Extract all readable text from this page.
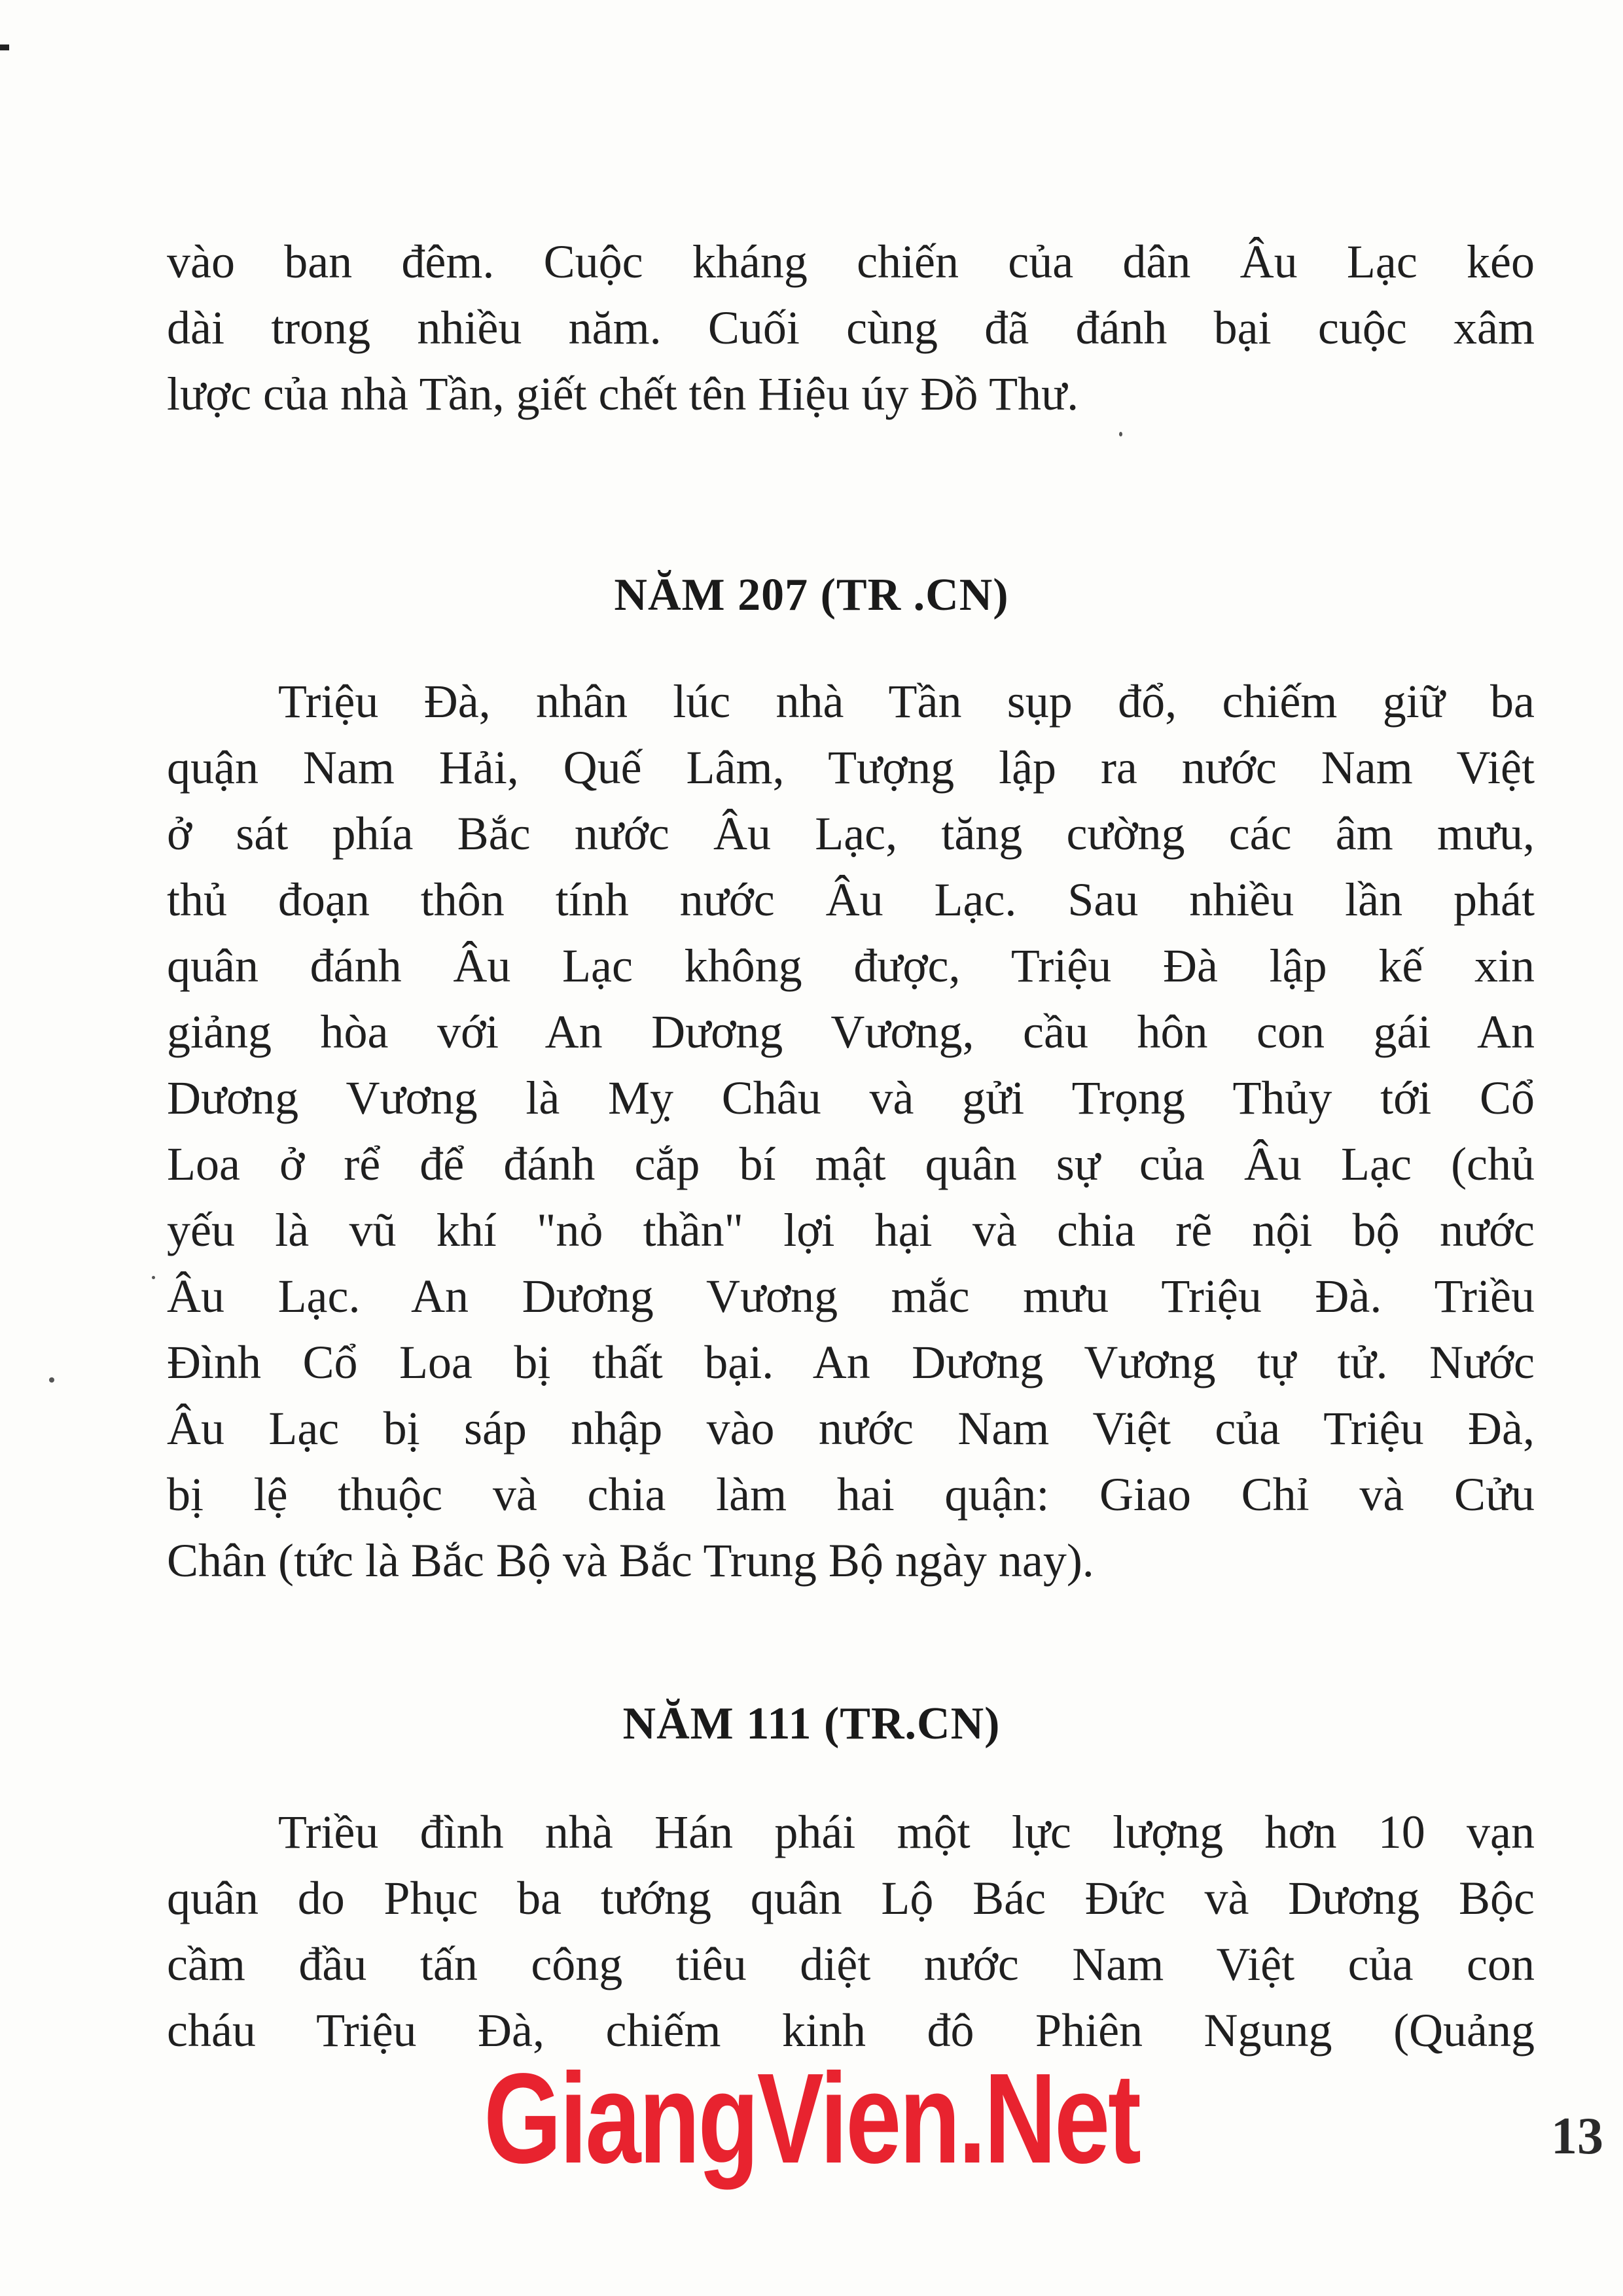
vào ban đêm. Cuộc kháng chiến của dân Âu Lạc kéo
dài trong nhiều năm. Cuối cùng đã đánh bại cuộc xâm
lược của nhà Tần, giết chết tên Hiệu úy Đồ Thư.
NĂM 207 (TR .CN)
Triệu Đà, nhân lúc nhà Tần sụp đổ, chiếm giữ ba
quận Nam Hải, Quế Lâm, Tượng lập ra nước Nam Việt
ở sát phía Bắc nước Âu Lạc, tăng cường các âm mưu,
thủ đoạn thôn tính nước Âu Lạc. Sau nhiều lần phát
quân đánh Âu Lạc không được, Triệu Đà lập kế xin
giảng hòa với An Dương Vương, cầu hôn con gái An
Dương Vương là Mỵ Châu và gửi Trọng Thủy tới Cổ
Loa ở rể để đánh cắp bí mật quân sự của Âu Lạc (chủ
yếu là vũ khí "nỏ thần" lợi hại và chia rẽ nội bộ nước
Âu Lạc. An Dương Vương mắc mưu Triệu Đà. Triều
Đình Cổ Loa bị thất bại. An Dương Vương tự tử. Nước
Âu Lạc bị sáp nhập vào nước Nam Việt của Triệu Đà,
bị lệ thuộc và chia làm hai quận: Giao Chỉ và Cửu
Chân (tức là Bắc Bộ và Bắc Trung Bộ ngày nay).
NĂM 111 (TR.CN)
Triều đình nhà Hán phái một lực lượng hơn 10 vạn
quân do Phục ba tướng quân Lộ Bác Đức và Dương Bộc
cầm đầu tấn công tiêu diệt nước Nam Việt của con
cháu Triệu Đà, chiếm kinh đô Phiên Ngung (Quảng
GiangVien.Net	13
